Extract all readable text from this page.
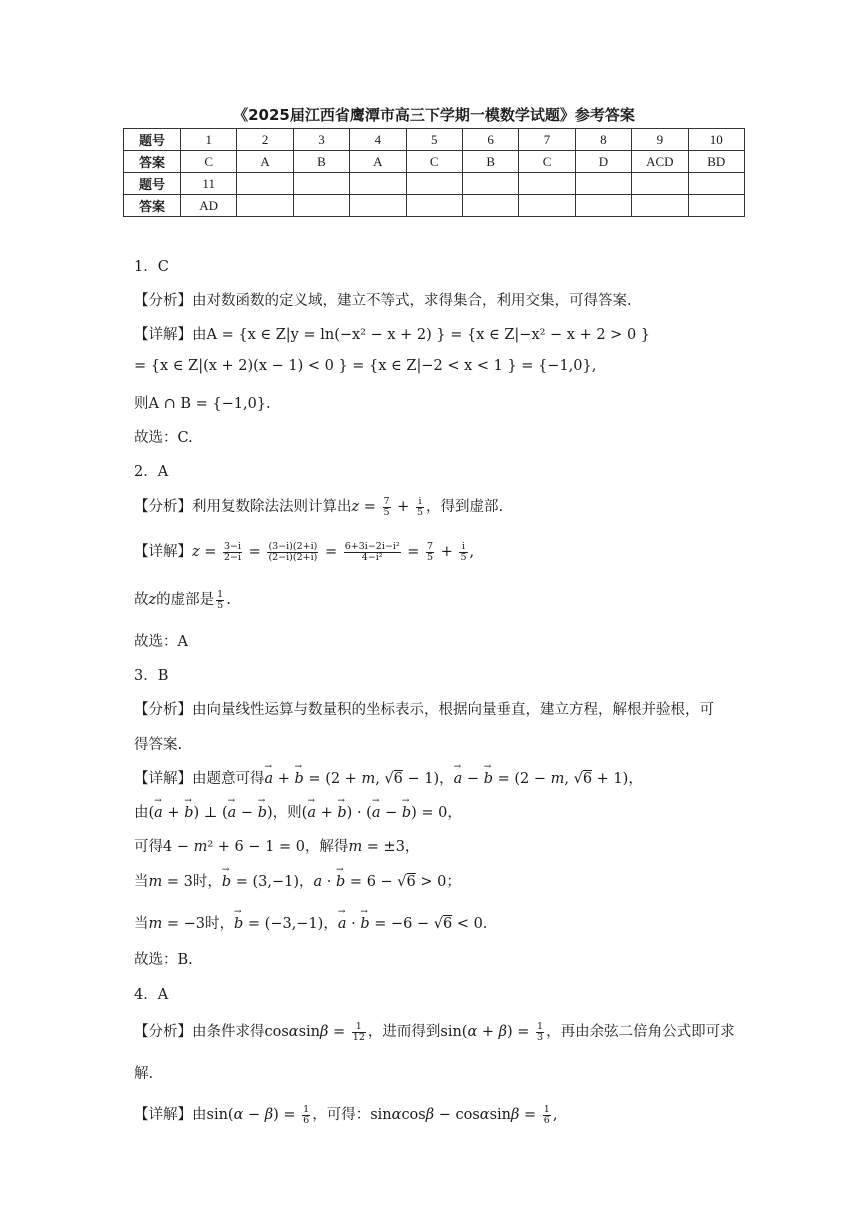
《2025届江西省鹰潭市高三下学期一模数学试题》参考答案
题号	1	2	3	4	5	6	7	8	9	10
答案	C	A	B	A	C	B	C	D	ACD	BD
题号	11									
答案	AD									
1．C
【分析】由对数函数的定义域，建立不等式，求得集合，利用交集，可得答案.
【详解】由A = {x ∈ Z|y = ln(−x² − x + 2) } = {x ∈ Z|−x² − x + 2 > 0 }
= {x ∈ Z|(x + 2)(x − 1) < 0 } = {x ∈ Z|−2 < x < 1 } = {−1,0},
则A ∩ B = {−1,0}.
故选：C.
2．A
【分析】利用复数除法法则计算出$z = \frac{7}{5} + \frac{i}{5}$ ，得到虚部.
【详解】$z = \frac{3-i}{2-i} = \frac{(3-i)(2+i)}{(2-i)(2+i)} = \frac{\text{6+3i−2i−i²}}{\text{4−i²}} = \frac{7}{5} + \frac{i}{5}$ ,
故z的虚部是 $\frac{1}{5}$ .
故选：A
3．B
【分析】由向量线性运算与数量积的坐标表示，根据向量垂直，建立方程，解根并验根，可
得答案.
【详解】由题意可得→ a + → b = (2 + m, √6 − 1)，→ a − → b = (2 − m, √6 + 1)，
由(→ a + → b) ⊥ (→ a − → b)，则(→ a + → b) · (→ a − → b) = 0，
可得4 − m² + 6 − 1 = 0，解得m = ±3，
当m = 3时，→ b = (3,−1)，a · → b = 6 − √6 > 0；
当m = −3时，→ b = (−3,−1)，→ a · → b = −6 − √6 < 0.
故选：B.
4．A
【分析】由条件求得$\cos\alpha\sin\beta = \frac{1}{12}$ ，进而得到$\sin(\alpha + \beta) = \frac{1}{3}$ ，再由余弦二倍角公式即可求
解.
【详解】由$\sin(\alpha - \beta) = \frac{1}{6}$ ，可得：$\sin\alpha\cos\beta - \cos\alpha\sin\beta = \frac{1}{6}$ ,
